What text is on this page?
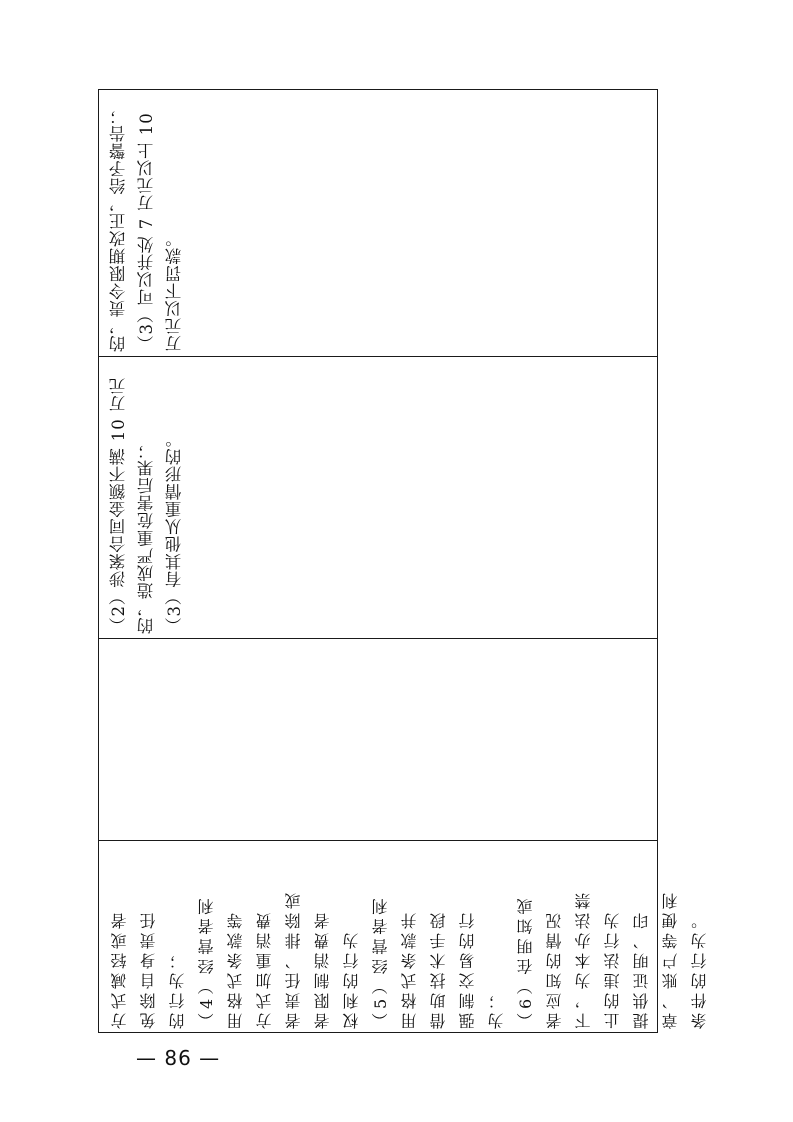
的，责令限期改正，给予警告； （3）可以并处 7 万元以上 10 万元以下罚款。
（2）涉案合同金额不满 10 万元 的，造成严重危害后果； （3）有其他从重情形的。
方式减轻或者 免除自身责任 的行为； （4）经营者利 用格式条款等 方式加重消费 者责任、排除或 者限制消费者 权利的行为 （5）经营者利 用格式条款并 借助技术手段 强制交易的行 为； （6）在明知或 者应知的情况 下，为本办法禁 止的违法行为 提供证明、印 章、账户等便利 条件的行为。
— 86 —
